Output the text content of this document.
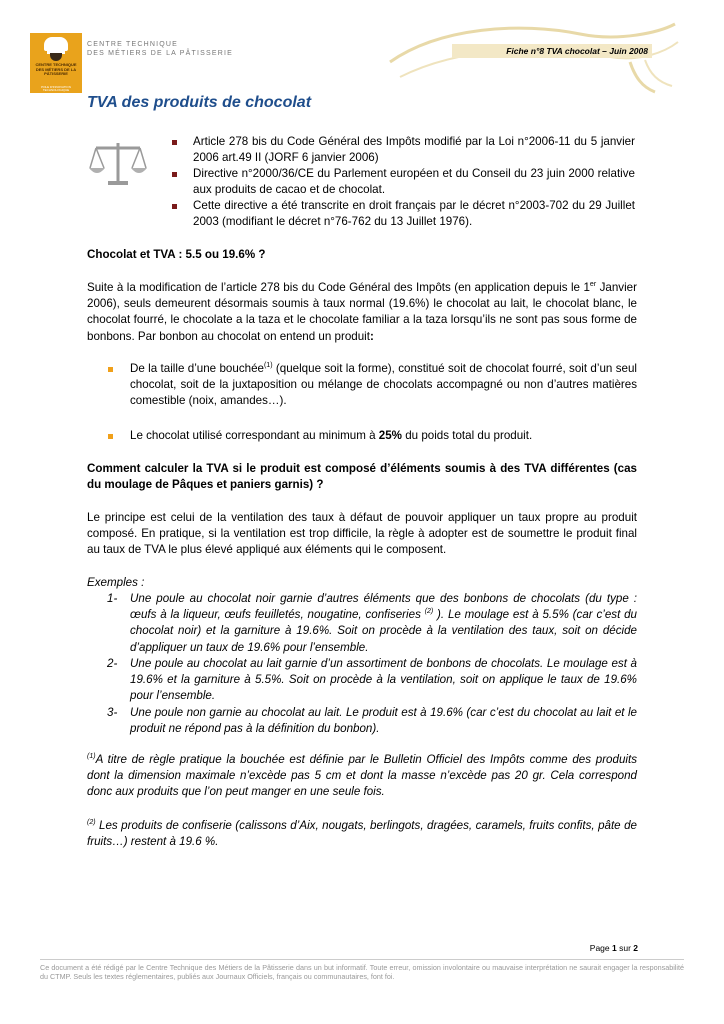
CENTRE TECHNIQUE DES MÉTIERS DE LA PÂTISSERIE
POLE D'INNOVATION TECHNOLOGIQUE
CENTRE TECHNIQUE
DES MÉTIERS DE LA PÂTISSERIE	Fiche n°8 TVA chocolat – Juin 2008
TVA des produits de chocolat
Article 278 bis du Code Général des Impôts modifié par la Loi n°2006-11 du 5 janvier 2006 art.49 II (JORF 6 janvier 2006)
Directive n°2000/36/CE du Parlement européen et du Conseil du 23 juin 2000 relative aux produits de cacao et de chocolat.
Cette directive a été transcrite en droit français par le décret n°2003-702 du 29 Juillet 2003 (modifiant le décret n°76-762 du 13 Juillet 1976).
Chocolat et TVA : 5.5 ou 19.6% ?
Suite à la modification de l’article 278 bis du Code Général des Impôts (en application depuis le 1er Janvier 2006), seuls demeurent désormais soumis à taux normal (19.6%) le chocolat au lait, le chocolat blanc, le chocolat fourré, le chocolate a la taza et le chocolate familiar a la taza lorsqu’ils ne sont pas sous forme de bonbons. Par bonbon au chocolat on entend un produit:
De la taille d’une bouchée$^{(1)}$ (quelque soit la forme), constitué soit de chocolat fourré, soit d’un seul chocolat, soit de la juxtaposition ou mélange de chocolats accompagné ou non d’autres matières comestible (noix, amandes…).
Le chocolat utilisé correspondant au minimum à 25% du poids total du produit.
Comment calculer la TVA si le produit est composé d’éléments soumis à des TVA différentes (cas du moulage de Pâques et paniers garnis) ?
Le principe est celui de la ventilation des taux à défaut de pouvoir appliquer un taux propre au produit composé. En pratique, si la ventilation est trop difficile, la règle à adopter est de soumettre le produit final au taux de TVA le plus élevé appliqué aux éléments qui le composent.
Exemples :
1-	Une poule au chocolat noir garnie d’autres éléments que des bonbons de chocolats (du type : œufs à la liqueur, œufs feuilletés, nougatine, confiseries $^{(2)}$ ). Le moulage est à 5.5% (car c’est du chocolat noir) et la garniture à 19.6%. Soit on procède à la ventilation des taux, soit on décide d’appliquer un taux de 19.6% pour l’ensemble.
2-	Une poule au chocolat au lait garnie d’un assortiment de bonbons de chocolats. Le moulage est à 19.6% et la garniture à 5.5%. Soit on procède à la ventilation, soit on applique le taux de 19.6% pour l’ensemble.
3-	Une poule non garnie au chocolat au lait. Le produit est à 19.6% (car c’est du chocolat au lait et le produit ne répond pas à la définition du bonbon).
$^{(1)}$A titre de règle pratique la bouchée est définie par le Bulletin Officiel des Impôts comme des produits dont la dimension maximale n’excède pas 5 cm et dont la masse n’excède pas 20 gr. Cela correspond donc aux produits que l’on peut manger en une seule fois.
$^{(2)}$ Les produits de confiserie (calissons d’Aix, nougats, berlingots, dragées, caramels, fruits confits, pâte de fruits…) restent à 19.6 %.
Page 1 sur 2
Ce document a été rédigé par le Centre Technique des Métiers de la Pâtisserie dans un but informatif. Toute erreur, omission involontaire ou mauvaise interprétation ne saurait engager la responsabilité du CTMP. Seuls les textes réglementaires, publiés aux Journaux Officiels, français ou communautaires, font foi.
